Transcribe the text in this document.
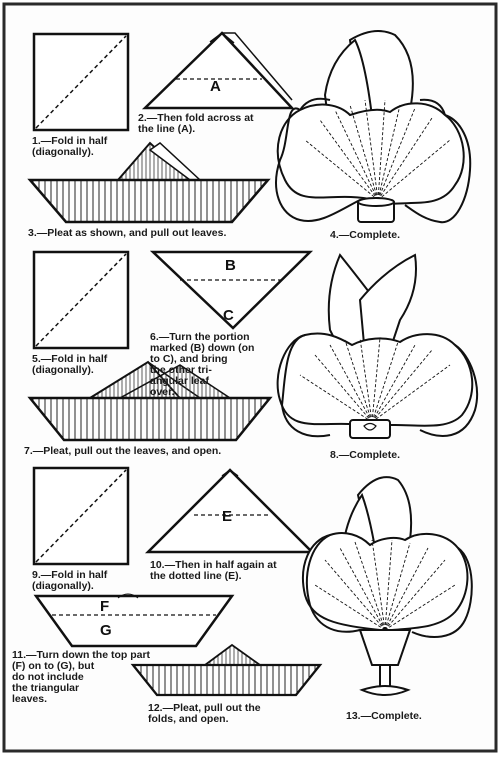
A
B
C
E
F
G
1.—Fold in half
(diagonally).
2.—Then fold across at
the line (A).
3.—Pleat as shown, and pull out leaves.	4.—Complete.
5.—Fold in half
(diagonally).
6.—Turn the portion
marked (B) down (on
to C), and bring
the other tri-
angular leaf
over.
7.—Pleat, pull out the leaves, and open.	8.—Complete.
9.—Fold in half
(diagonally).
10.—Then in half again at
the dotted line (E).
11.—Turn down the top part
(F) on to (G), but
do not include
the triangular
leaves.
12.—Pleat, pull out the
folds, and open.	13.—Complete.
